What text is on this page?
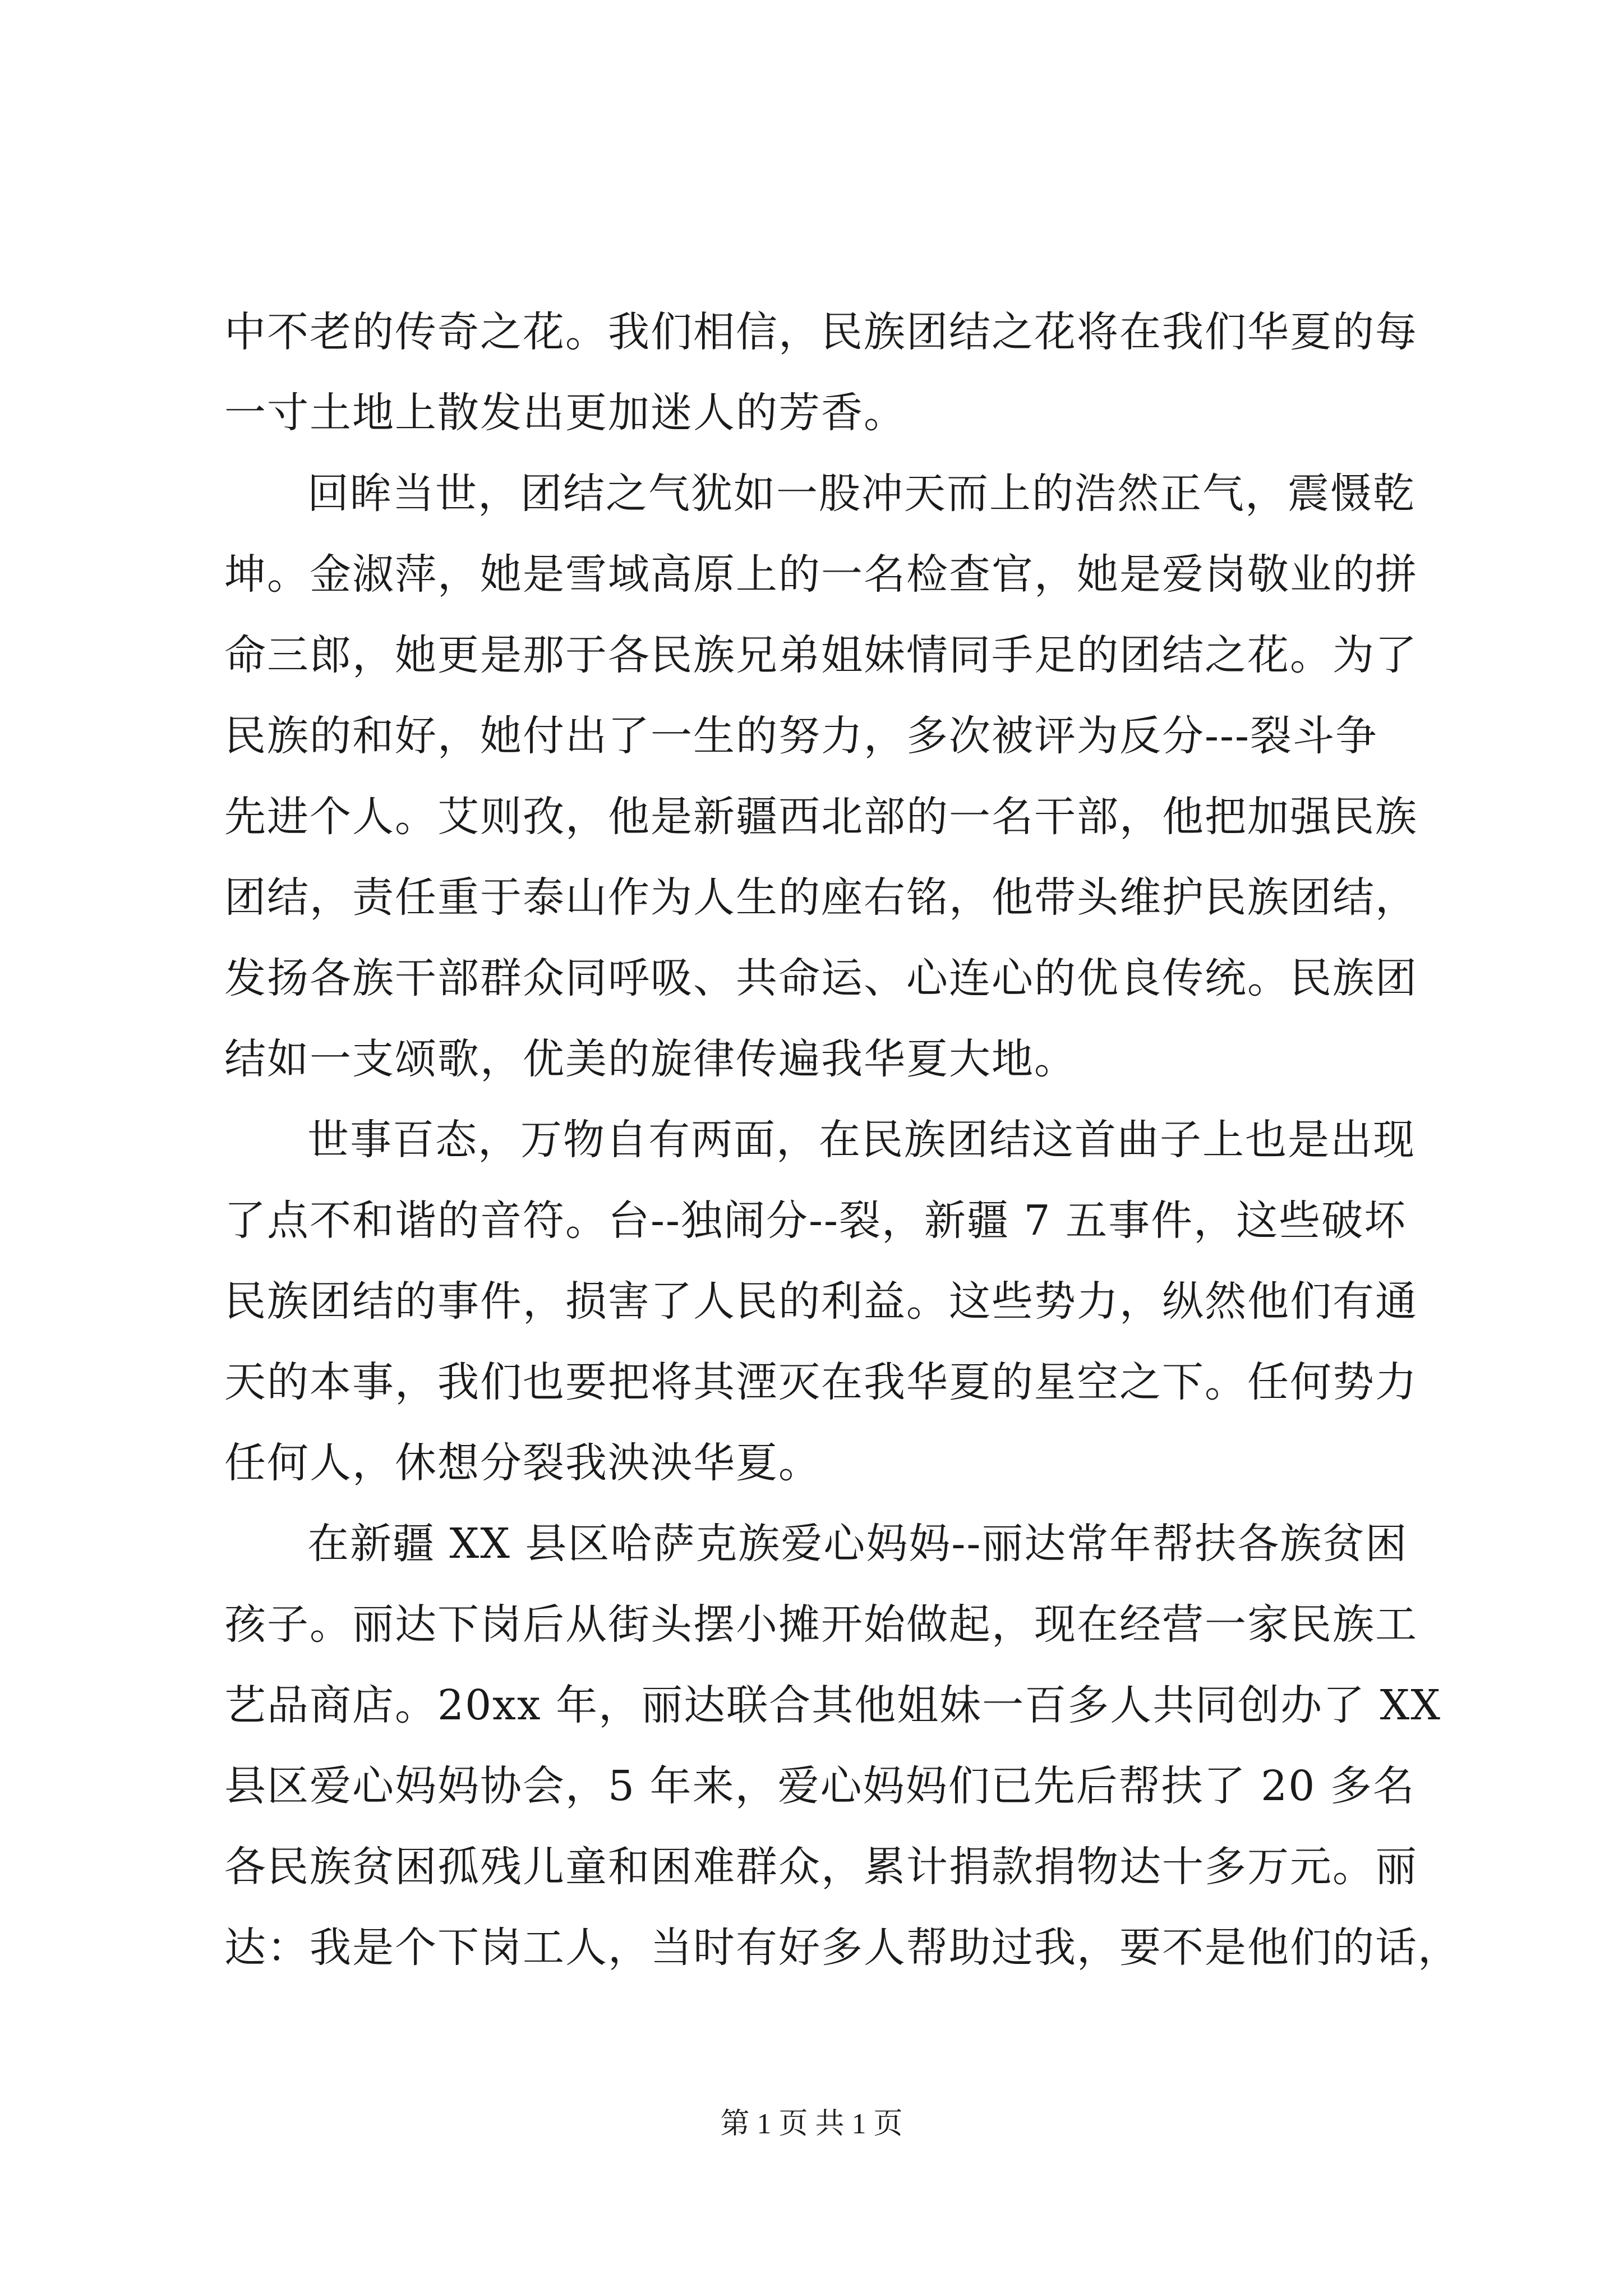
中不老的传奇之花。我们相信，民族团结之花将在我们华夏的每
一寸土地上散发出更加迷人的芳香。
回眸当世，团结之气犹如一股冲天而上的浩然正气，震慑乾
坤。金淑萍，她是雪域高原上的一名检查官，她是爱岗敬业的拼
命三郎，她更是那于各民族兄弟姐妹情同手足的团结之花。为了
民族的和好，她付出了一生的努力，多次被评为反分---裂斗争
先进个人。艾则孜，他是新疆西北部的一名干部，他把加强民族
团结，责任重于泰山作为人生的座右铭，他带头维护民族团结，
发扬各族干部群众同呼吸、共命运、心连心的优良传统。民族团
结如一支颂歌，优美的旋律传遍我华夏大地。
世事百态，万物自有两面，在民族团结这首曲子上也是出现
了点不和谐的音符。台--独闹分--裂，新疆 7 五事件，这些破坏
民族团结的事件，损害了人民的利益。这些势力，纵然他们有通
天的本事，我们也要把将其湮灭在我华夏的星空之下。任何势力
任何人，休想分裂我泱泱华夏。
在新疆 XX 县区哈萨克族爱心妈妈--丽达常年帮扶各族贫困
孩子。丽达下岗后从街头摆小摊开始做起，现在经营一家民族工
艺品商店。20xx 年，丽达联合其他姐妹一百多人共同创办了 XX
县区爱心妈妈协会，5 年来，爱心妈妈们已先后帮扶了 20 多名
各民族贫困孤残儿童和困难群众，累计捐款捐物达十多万元。丽
达：我是个下岗工人，当时有好多人帮助过我，要不是他们的话，
第 1 页 共 1 页
